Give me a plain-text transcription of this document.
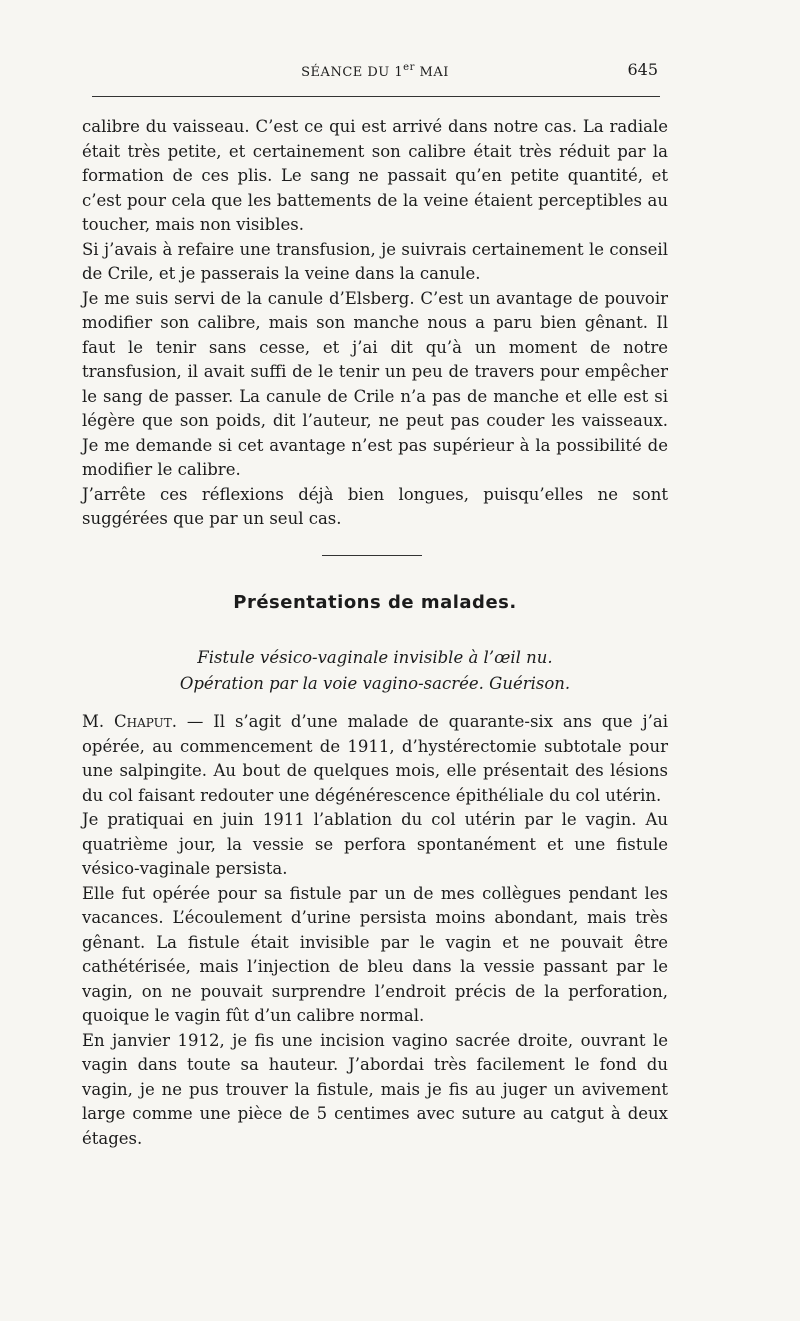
SÉANCE DU 1er MAI	645

calibre du vaisseau. C’est ce qui est arrivé dans notre cas. La radiale était très petite, et certainement son calibre était très réduit par la formation de ces plis. Le sang ne passait qu’en petite quantité, et c’est pour cela que les battements de la veine étaient perceptibles au toucher, mais non visibles.

Si j’avais à refaire une transfusion, je suivrais certainement le conseil de Crile, et je passerais la veine dans la canule.

Je me suis servi de la canule d’Elsberg. C’est un avantage de pouvoir modifier son calibre, mais son manche nous a paru bien gênant. Il faut le tenir sans cesse, et j’ai dit qu’à un moment de notre transfusion, il avait suffi de le tenir un peu de travers pour empêcher le sang de passer. La canule de Crile n’a pas de manche et elle est si légère que son poids, dit l’auteur, ne peut pas couder les vaisseaux. Je me demande si cet avantage n’est pas supérieur à la possibilité de modifier le calibre.

J’arrête ces réflexions déjà bien longues, puisqu’elles ne sont suggérées que par un seul cas.

Présentations de malades.
Fistule vésico-vaginale invisible à l’œil nu.
Opération par la voie vagino-sacrée. Guérison.

M. Chaput. — Il s’agit d’une malade de quarante-six ans que j’ai opérée, au commencement de 1911, d’hystérectomie subtotale pour une salpingite. Au bout de quelques mois, elle présentait des lésions du col faisant redouter une dégénérescence épithéliale du col utérin.

Je pratiquai en juin 1911 l’ablation du col utérin par le vagin. Au quatrième jour, la vessie se perfora spontanément et une fistule vésico-vaginale persista.

Elle fut opérée pour sa fistule par un de mes collègues pendant les vacances. L’écoulement d’urine persista moins abondant, mais très gênant. La fistule était invisible par le vagin et ne pouvait être cathétérisée, mais l’injection de bleu dans la vessie passant par le vagin, on ne pouvait surprendre l’endroit précis de la perforation, quoique le vagin fût d’un calibre normal.

En janvier 1912, je fis une incision vagino sacrée droite, ouvrant le vagin dans toute sa hauteur. J’abordai très facilement le fond du vagin, je ne pus trouver la fistule, mais je fis au juger un avivement large comme une pièce de 5 centimes avec suture au catgut à deux étages.
